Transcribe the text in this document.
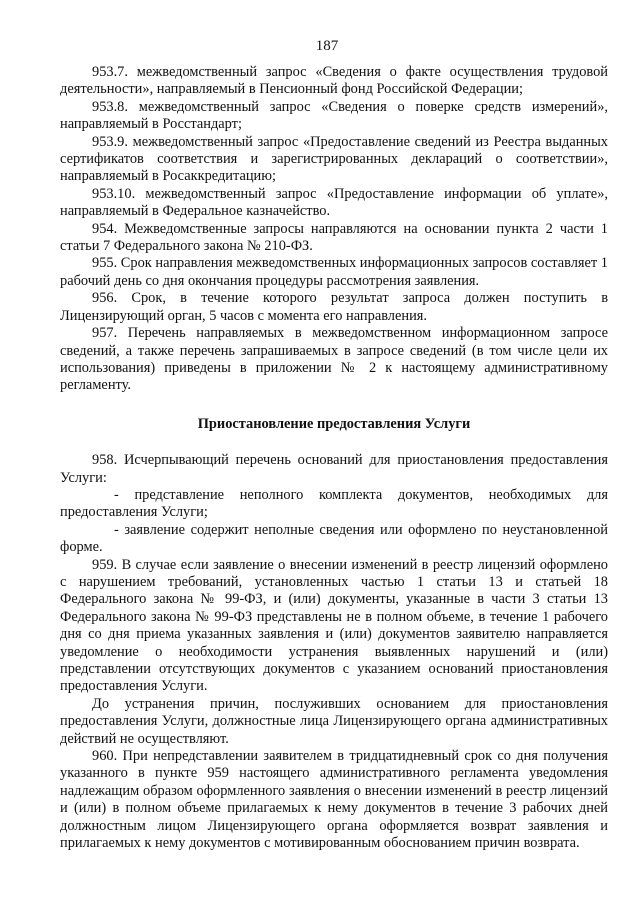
187

953.7. межведомственный запрос «Сведения о факте осуществления трудовой деятельности», направляемый в Пенсионный фонд Российской Федерации;

953.8. межведомственный запрос «Сведения о поверке средств измерений», направляемый в Росстандарт;

953.9. межведомственный запрос «Предоставление сведений из Реестра выданных сертификатов соответствия и зарегистрированных деклараций о соответствии», направляемый в Росаккредитацию;

953.10. межведомственный запрос «Предоставление информации об уплате», направляемый в Федеральное казначейство.

954. Межведомственные запросы направляются на основании пункта 2 части 1 статьи 7 Федерального закона № 210-ФЗ.

955. Срок направления межведомственных информационных запросов составляет 1 рабочий день со дня окончания процедуры рассмотрения заявления.

956. Срок, в течение которого результат запроса должен поступить в Лицензирующий орган, 5 часов с момента его направления.

957. Перечень направляемых в межведомственном информационном запросе сведений, а также перечень запрашиваемых в запросе сведений (в том числе цели их использования) приведены в приложении № 2 к настоящему административному регламенту.

Приостановление предоставления Услуги

958. Исчерпывающий перечень оснований для приостановления предоставления Услуги:

- представление неполного комплекта документов, необходимых для предоставления Услуги;

- заявление содержит неполные сведения или оформлено по неустановленной форме.

959. В случае если заявление о внесении изменений в реестр лицензий оформлено с нарушением требований, установленных частью 1 статьи 13 и статьей 18 Федерального закона № 99-ФЗ, и (или) документы, указанные в части 3 статьи 13 Федерального закона № 99-ФЗ представлены не в полном объеме, в течение 1 рабочего дня со дня приема указанных заявления и (или) документов заявителю направляется уведомление о необходимости устранения выявленных нарушений и (или) представлении отсутствующих документов с указанием оснований приостановления предоставления Услуги.

До устранения причин, послуживших основанием для приостановления предоставления Услуги, должностные лица Лицензирующего органа административных действий не осуществляют.

960. При непредставлении заявителем в тридцатидневный срок со дня получения указанного в пункте 959 настоящего административного регламента уведомления надлежащим образом оформленного заявления о внесении изменений в реестр лицензий и (или) в полном объеме прилагаемых к нему документов в течение 3 рабочих дней должностным лицом Лицензирующего органа оформляется возврат заявления и прилагаемых к нему документов с мотивированным обоснованием причин возврата.
